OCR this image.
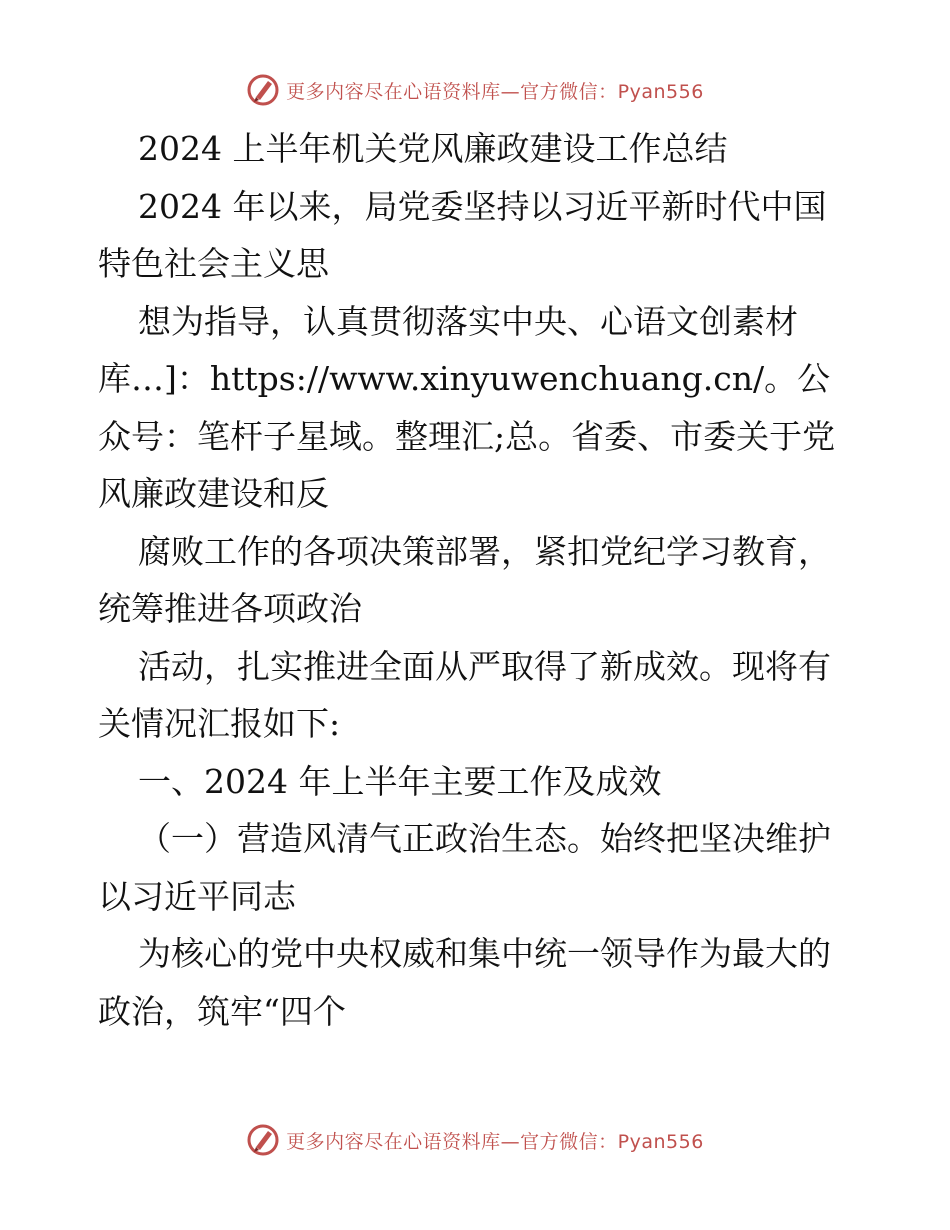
更多内容尽在心语资料库—官方微信：Pyan556

2024 上半年机关党风廉政建设工作总结

2024 年以来，局党委坚持以习近平新时代中国特色社会主义思

想为指导，认真贯彻落实中央、心语文创素材库…]：https://www.xinyuwenchuang.cn/。公众号：笔杆子星域。整理汇;总。省委、市委关于党风廉政建设和反

腐败工作的各项决策部署，紧扣党纪学习教育，统筹推进各项政治

活动，扎实推进全面从严取得了新成效。现将有关情况汇报如下:

一、2024 年上半年主要工作及成效

（一）营造风清气正政治生态。始终把坚决维护以习近平同志

为核心的党中央权威和集中统一领导作为最大的政治，筑牢“四个

更多内容尽在心语资料库—官方微信：Pyan556
